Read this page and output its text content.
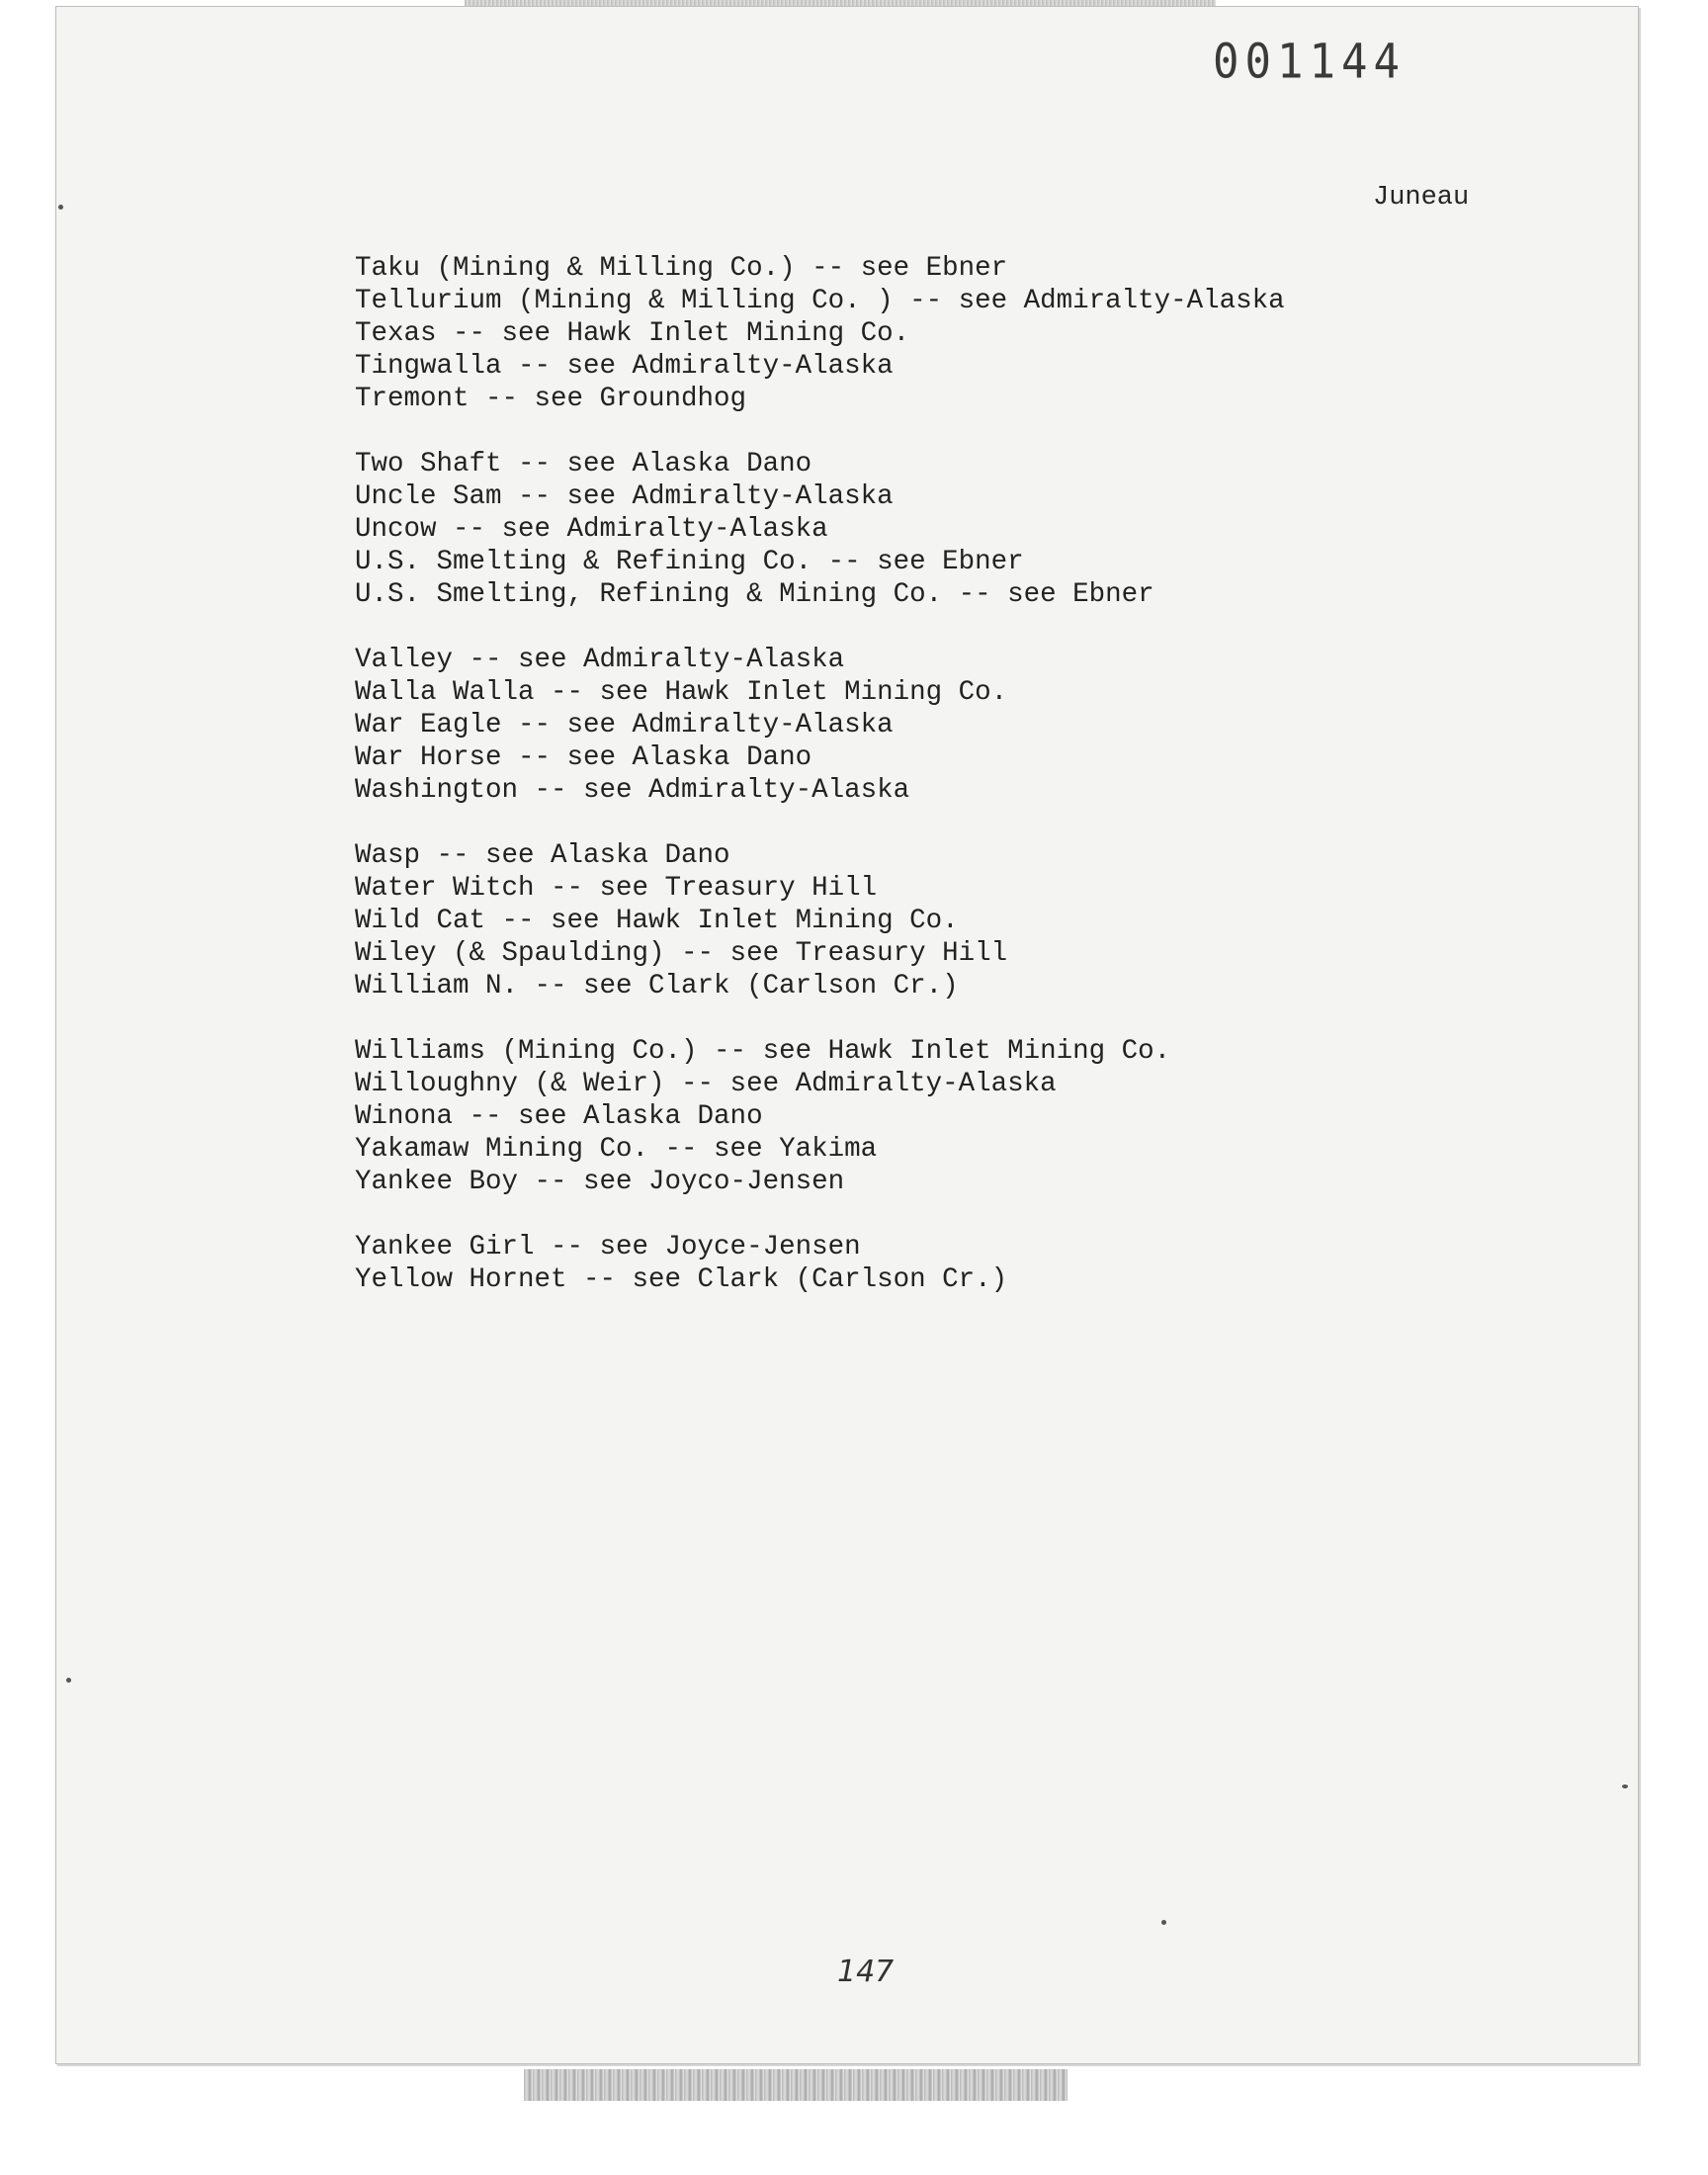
001144
Juneau
Taku (Mining & Milling Co.) -- see Ebner
Tellurium (Mining & Milling Co. ) -- see Admiralty-Alaska
Texas -- see Hawk Inlet Mining Co.
Tingwalla -- see Admiralty-Alaska
Tremont -- see Groundhog
Two Shaft -- see Alaska Dano
Uncle Sam -- see Admiralty-Alaska
Uncow -- see Admiralty-Alaska
U.S. Smelting & Refining Co. -- see Ebner
U.S. Smelting, Refining & Mining Co. -- see Ebner
Valley -- see Admiralty-Alaska
Walla Walla -- see Hawk Inlet Mining Co.
War Eagle -- see Admiralty-Alaska
War Horse -- see Alaska Dano
Washington -- see Admiralty-Alaska
Wasp -- see Alaska Dano
Water Witch -- see Treasury Hill
Wild Cat -- see Hawk Inlet Mining Co.
Wiley (& Spaulding) -- see Treasury Hill
William N. -- see Clark (Carlson Cr.)
Williams (Mining Co.) -- see Hawk Inlet Mining Co.
Willoughny (& Weir) -- see Admiralty-Alaska
Winona -- see Alaska Dano
Yakamaw Mining Co. -- see Yakima
Yankee Boy -- see Joyco-Jensen
Yankee Girl -- see Joyce-Jensen
Yellow Hornet -- see Clark (Carlson Cr.)
147
